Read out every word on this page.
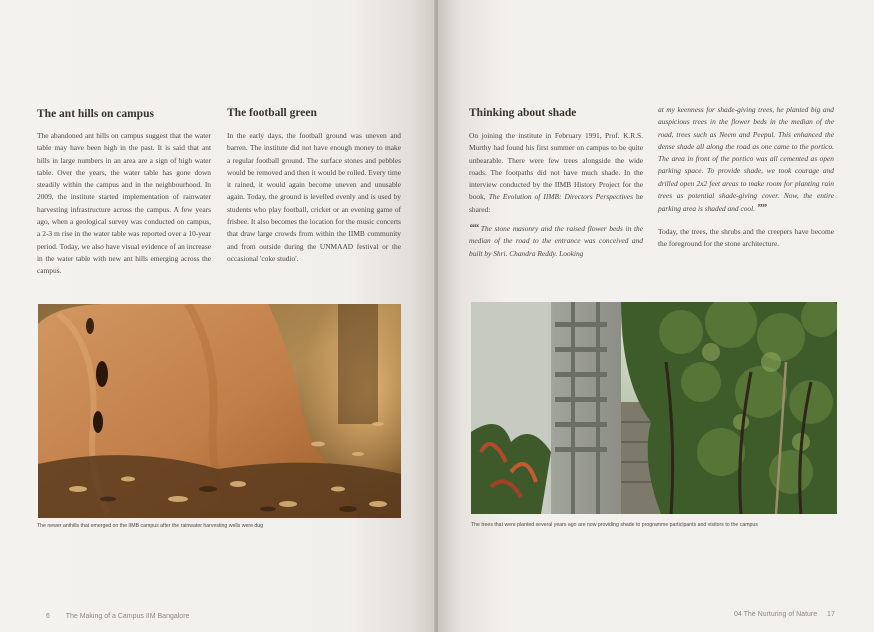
The ant hills on campus

The abandoned ant hills on campus suggest that the water table may have been high in the past. It is said that ant hills in large numbers in an area are a sign of high water table. Over the years, the water table has gone down steadily within the campus and in the neighbourhood. In 2009, the institute started implementation of rainwater harvesting infrastructure across the campus. A few years ago, when a geological survey was conducted on campus, a 2-3 m rise in the water table was reported over a 10-year period. Today, we also have visual evidence of an increase in the water table with new ant hills emerging across the campus.

The football green

In the early days, the football ground was uneven and barren. The institute did not have enough money to make a regular football ground. The surface stones and pebbles would be removed and then it would be rolled. Every time it rained, it would again become uneven and unusable again. Today, the ground is levelled evenly and is used by students who play football, cricket or an evening game of frisbee. It also becomes the location for the music concerts that draw large crowds from within the IIMB community and from outside during the UNMAAD festival or the occasional 'coke studio'.

The newer anthills that emerged on the IIMB campus after the rainwater harvesting wells were dug
6 The Making of a Campus IIM Bangalore
Thinking about shade

On joining the institute in February 1991, Prof. K.R.S. Murthy had found his first summer on campus to be quite unbearable. There were few trees alongside the wide roads. The footpaths did not have much shade. In the interview conducted by the IIMB History Project for the book, The Evolution of IIMB: Directors Perspectives he shared:

““ The stone masonry and the raised flower beds in the median of the road to the entrance was conceived and built by Shri. Chandra Reddy. Looking

at my keenness for shade-giving trees, he planted big and auspicious trees in the flower beds in the median of the road, trees such as Neem and Peepul. This enhanced the dense shade all along the road as one came to the portico. The area in front of the portico was all cemented as open parking space. To provide shade, we took courage and drilled open 2x2 feet areas to make room for planting rain trees as potential shade-giving cover. Now, the entire parking area is shaded and cool. ””

Today, the trees, the shrubs and the creepers have become the foreground for the stone architecture.

The trees that were planted several years ago are now providing shade to programme participants and visitors to the campus
04 The Nurturing of Nature 17
